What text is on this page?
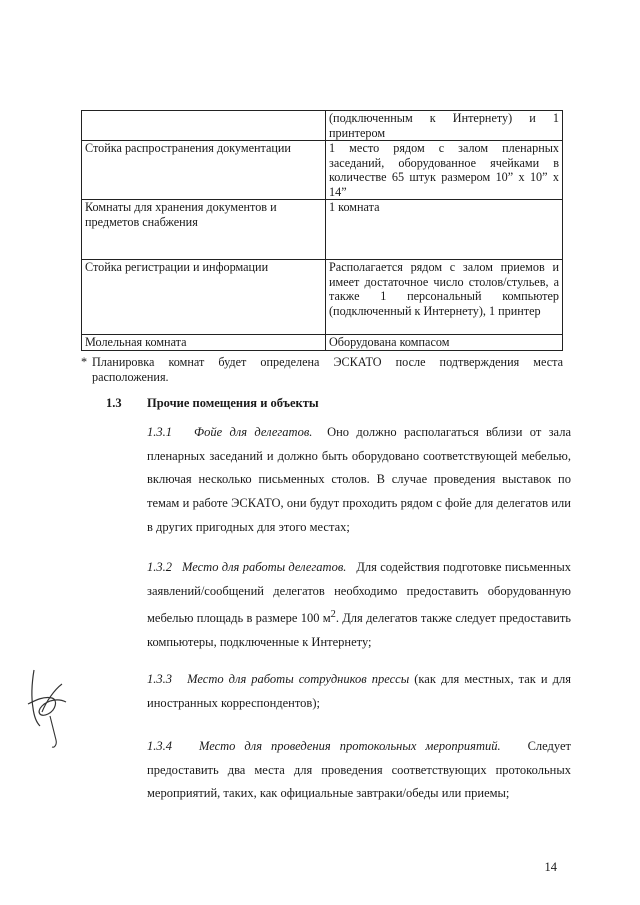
	(подключенным к Интернету) и 1 принтером
Стойка распространения документации	1 место рядом с залом пленарных заседаний, оборудованное ячейками в количестве 65 штук размером 10” x 10” x 14”
Комнаты для хранения документов и предметов снабжения	1 комната
Стойка регистрации и информации	Располагается рядом с залом приемов и имеет достаточное число столов/стульев, а также 1 персональный компьютер (подключенный к Интернету), 1 принтер
Молельная комната	Оборудована компасом
* Планировка комнат будет определена ЭСКАТО после подтверждения места расположения.
1.3 Прочие помещения и объекты
1.3.1 Фойе для делегатов. Оно должно располагаться вблизи от зала пленарных заседаний и должно быть оборудовано соответствующей мебелью, включая несколько письменных столов. В случае проведения выставок по темам и работе ЭСКАТО, они будут проходить рядом с фойе для делегатов или в других пригодных для этого местах;
1.3.2 Место для работы делегатов. Для содействия подготовке письменных заявлений/сообщений делегатов необходимо предоставить оборудованную мебелью площадь в размере 100 $м^2$. Для делегатов также следует предоставить компьютеры, подключенные к Интернету;
1.3.3 Место для работы сотрудников прессы (как для местных, так и для иностранных корреспондентов);
1.3.4 Место для проведения протокольных мероприятий. Следует предоставить два места для проведения соответствующих протокольных мероприятий, таких, как официальные завтраки/обеды или приемы;
14
